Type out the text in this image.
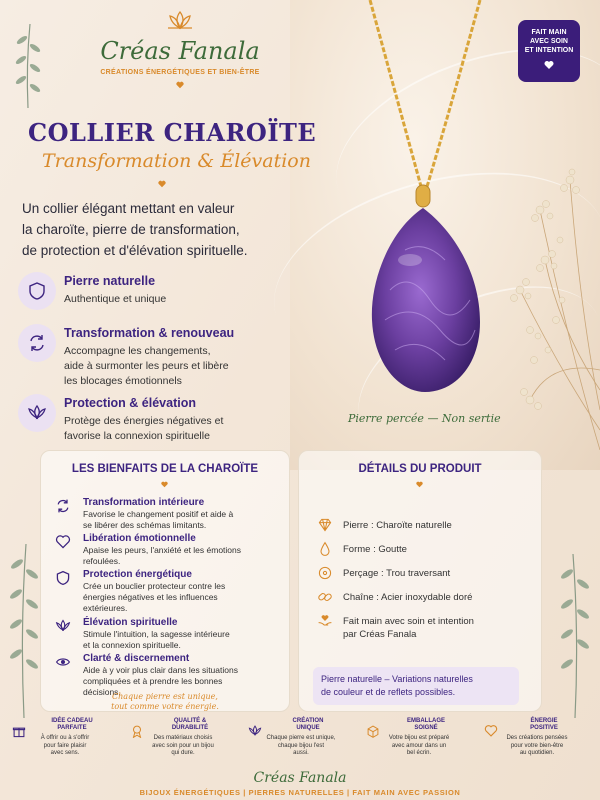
Créas Fanala
CRÉATIONS ÉNERGÉTIQUES ET BIEN-ÊTRE
FAIT MAIN
AVEC SOIN
ET INTENTION
COLLIER CHAROÏTE
Transformation & Élévation
Un collier élégant mettant en valeur
la charoïte, pierre de transformation,
de protection et d'élévation spirituelle.
Pierre naturelle
Authentique et unique
Transformation & renouveau
Accompagne les changements,
aide à surmonter les peurs et libère
les blocages émotionnels
Protection & élévation
Protège des énergies négatives et
favorise la connexion spirituelle
Pierre percée — Non sertie
LES BIENFAITS DE LA CHAROÏTE
Transformation intérieure
Favorise le changement positif et aide à
se libérer des schémas limitants.
Libération émotionnelle
Apaise les peurs, l'anxiété et les émotions
refoulées.
Protection énergétique
Crée un bouclier protecteur contre les
énergies négatives et les influences
extérieures.
Élévation spirituelle
Stimule l'intuition, la sagesse intérieure
et la connexion spirituelle.
Clarté & discernement
Aide à y voir plus clair dans les situations
compliquées et à prendre les bonnes
décisions.
Chaque pierre est unique,
tout comme votre énergie.
DÉTAILS DU PRODUIT
Pierre : Charoïte naturelle
Forme : Goutte
Perçage : Trou traversant
Chaîne : Acier inoxydable doré
Fait main avec soin et intention
par Créas Fanala
Pierre naturelle – Variations naturelles
de couleur et de reflets possibles.
IDÉE CADEAU
PARFAITE
À offrir ou à s'offrir
pour faire plaisir
avec sens.
QUALITÉ &
DURABILITÉ
Des matériaux choisis
avec soin pour un bijou
qui dure.
CRÉATION
UNIQUE
Chaque pierre est unique,
chaque bijou l'est
aussi.
EMBALLAGE
SOIGNÉ
Votre bijou est préparé
avec amour dans un
bel écrin.
ÉNERGIE
POSITIVE
Des créations pensées
pour votre bien-être
au quotidien.
Créas Fanala
BIJOUX ÉNERGÉTIQUES | PIERRES NATURELLES | FAIT MAIN AVEC PASSION
